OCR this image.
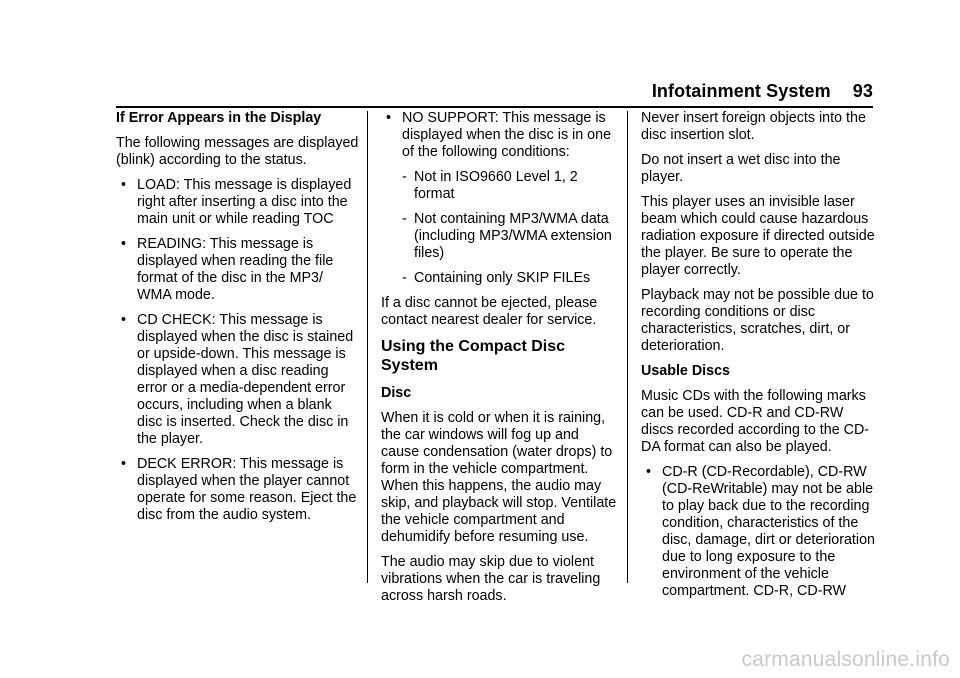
Infotainment System 93
If Error Appears in the Display

The following messages are displayed (blink) according to the status.

• LOAD: This message is displayed right after inserting a disc into the main unit or while reading TOC
• READING: This message is displayed when reading the file format of the disc in the MP3/ WMA mode.
• CD CHECK: This message is displayed when the disc is stained or upside-down. This message is displayed when a disc reading error or a media-dependent error occurs, including when a blank disc is inserted. Check the disc in the player.
• DECK ERROR: This message is displayed when the player cannot operate for some reason. Eject the disc from the audio system.
• NO SUPPORT: This message is displayed when the disc is in one of the following conditions:
- Not in ISO9660 Level 1, 2 format
- Not containing MP3/WMA data (including MP3/WMA extension files)
- Containing only SKIP FILEs

If a disc cannot be ejected, please contact nearest dealer for service.

Using the Compact Disc System
Disc

When it is cold or when it is raining, the car windows will fog up and cause condensation (water drops) to form in the vehicle compartment. When this happens, the audio may skip, and playback will stop. Ventilate the vehicle compartment and dehumidify before resuming use.

The audio may skip due to violent vibrations when the car is traveling across harsh roads.

Never insert foreign objects into the disc insertion slot.

Do not insert a wet disc into the player.

This player uses an invisible laser beam which could cause hazardous radiation exposure if directed outside the player. Be sure to operate the player correctly.

Playback may not be possible due to recording conditions or disc characteristics, scratches, dirt, or deterioration.

Usable Discs

Music CDs with the following marks can be used. CD-R and CD-RW discs recorded according to the CD-DA format can also be played.

• CD-R (CD-Recordable), CD-RW (CD-ReWritable) may not be able to play back due to the recording condition, characteristics of the disc, damage, dirt or deterioration due to long exposure to the environment of the vehicle compartment. CD-R, CD-RW
carmanualsonline.info
